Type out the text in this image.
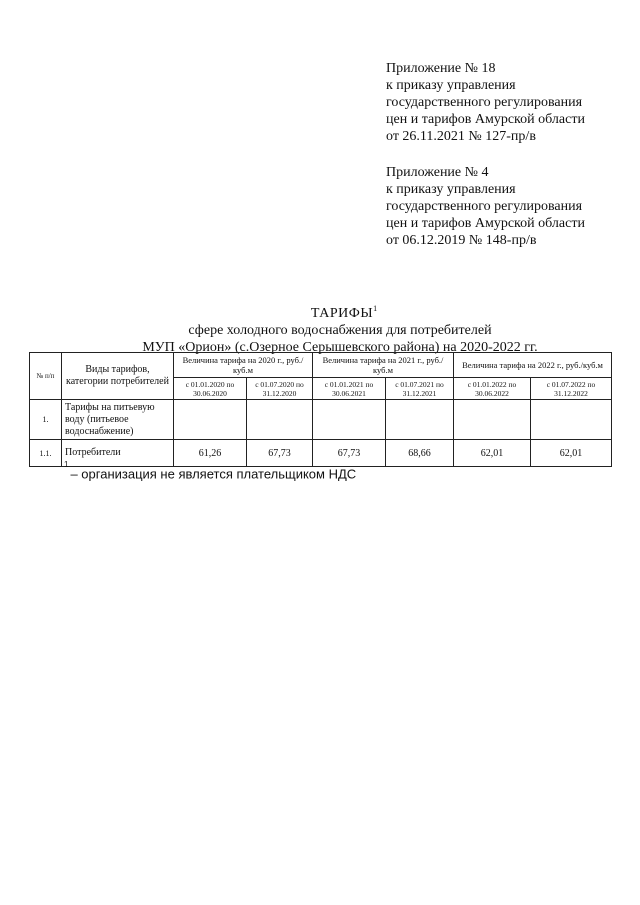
Приложение № 18
к приказу управления
государственного регулирования
цен и тарифов Амурской области
от 26.11.2021 № 127-пр/в
Приложение № 4
к приказу управления
государственного регулирования
цен и тарифов Амурской области
от 06.12.2019 № 148-пр/в
ТАРИФЫ$^1$
сфере холодного водоснабжения для потребителей
МУП «Орион» (с.Озерное Серышевского района) на 2020-2022 гг.
№ п/п	Виды тарифов, категории потребителей	Величина тарифа на 2020 г., руб./куб.м		Величина тарифа на 2021 г., руб./куб.м		Величина тарифа на 2022 г., руб./куб.м	
		с 01.01.2020 по 30.06.2020	с 01.07.2020 по 31.12.2020	с 01.01.2021 по 30.06.2021	с 01.07.2021 по 31.12.2021	с 01.01.2022 по 30.06.2022	с 01.07.2022 по 31.12.2022
1.	Тарифы на питьевую воду (питьевое водоснабжение)						
1.1.	Потребители	61,26	67,73	67,73	68,66	62,01	62,01
$^1$– организация не является плательщиком НДС
